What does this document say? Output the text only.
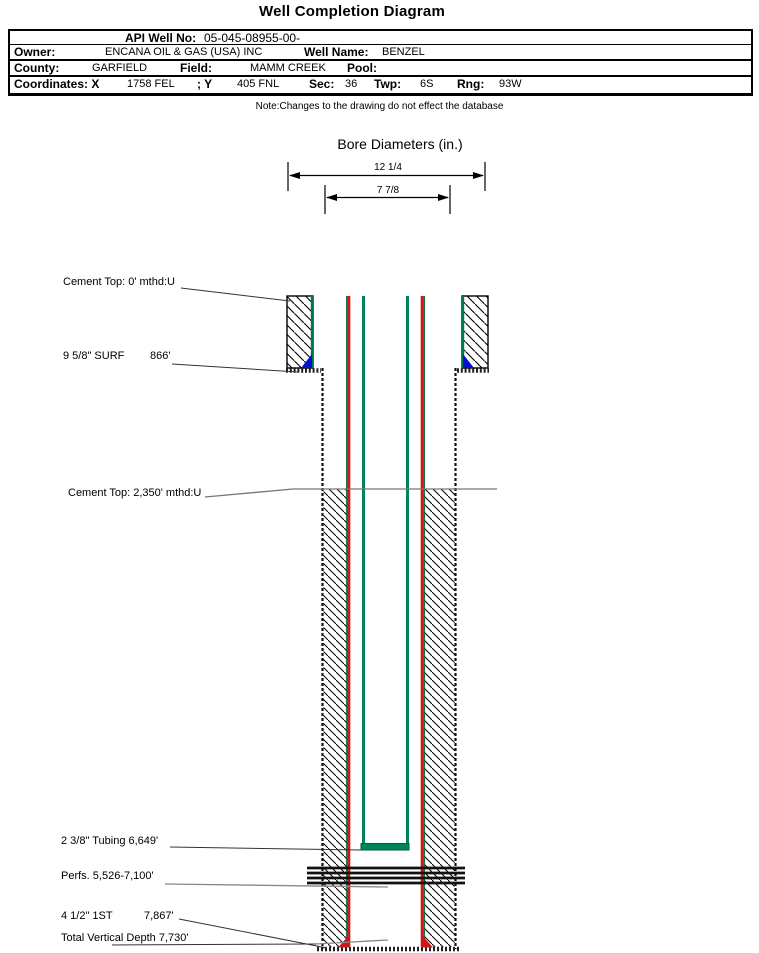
Well Completion Diagram
API Well No: 05-045-08955-00-
Owner:	ENCANA OIL & GAS (USA) INC	Well Name: BENZEL
County:	GARFIELD	Field:	MAMM CREEK Pool:
Coordinates: X	1758 FEL ; Y 405 FNL Sec: 36 Twp: 6S Rng: 93W
Note:Changes to the drawing do not effect the database
Bore Diameters (in.)
12 1/4
7 7/8
Cement Top: 0' mthd:U
9 5/8" SURF 866'
Cement Top: 2,350' mthd:U
2 3/8" Tubing 6,649'
Perfs. 5,526-7,100'
4 1/2" 1ST	7,867'
Total Vertical Depth 7,730'
